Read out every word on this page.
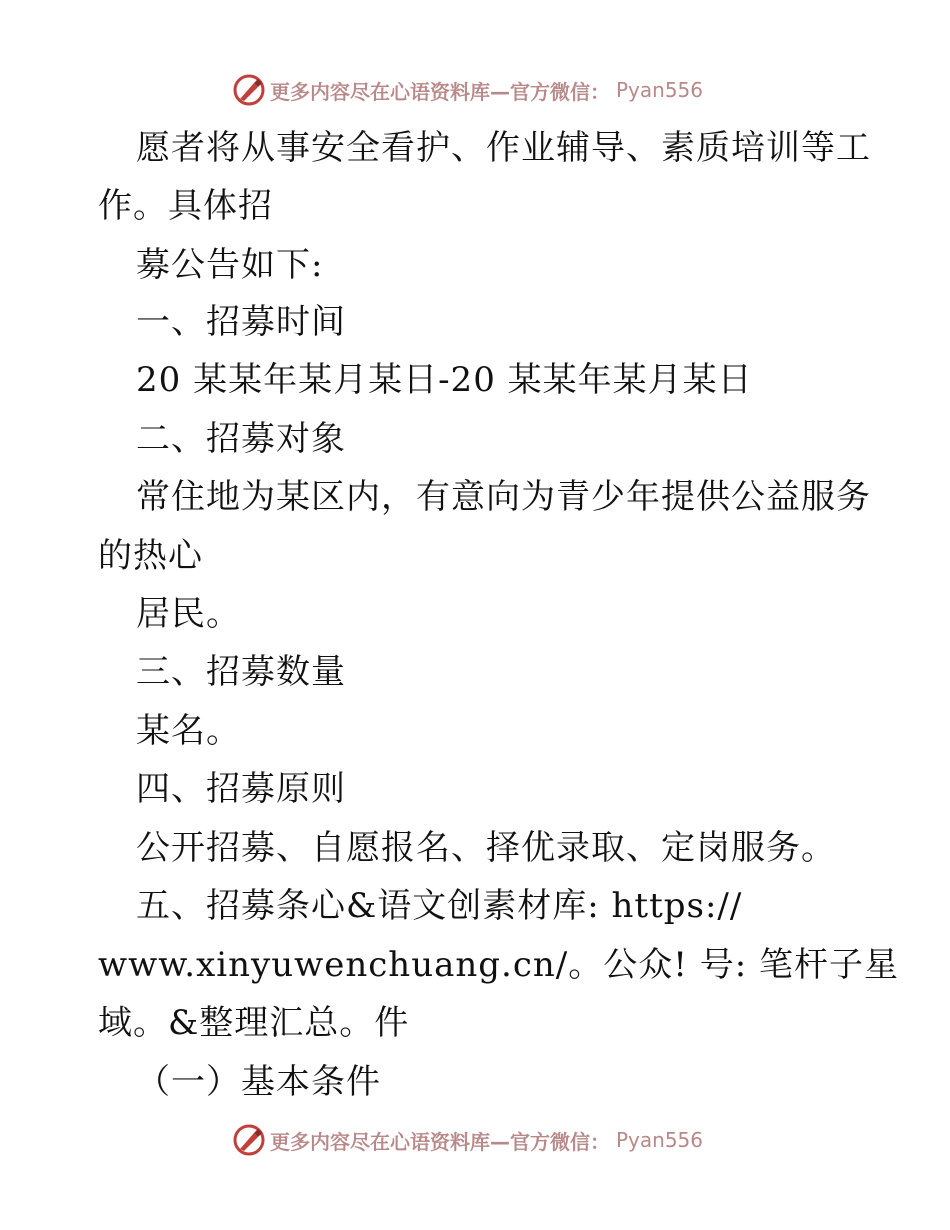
更多内容尽在心语资料库—官方微信： Pyan556
愿者将从事安全看护、作业辅导、素质培训等工
作。具体招
募公告如下:
一、招募时间
20 某某年某月某日-20 某某年某月某日
二、招募对象
常住地为某区内，有意向为青少年提供公益服务
的热心
居民。
三、招募数量
某名。
四、招募原则
公开招募、自愿报名、择优录取、定岗服务。
五、招募条心&语文创素材库: https://
www.xinyuwenchuang.cn/。公众! 号: 笔杆子星
域。&整理汇总。件
（一）基本条件
更多内容尽在心语资料库—官方微信： Pyan556
